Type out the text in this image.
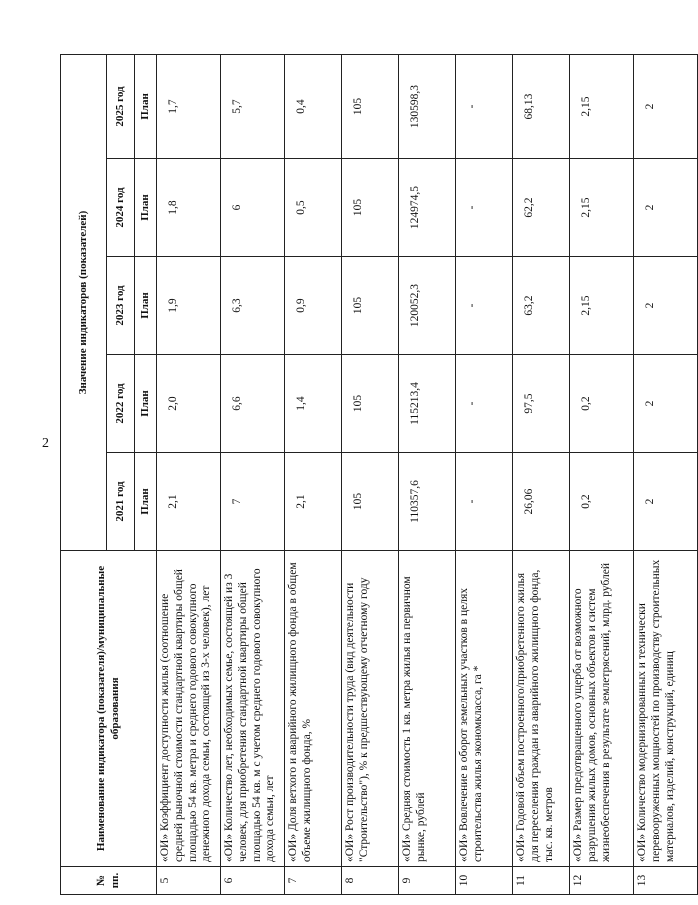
2
№ пп.	Наименование индикатора (показателя)/муниципальные образования	Значение индикаторов (показателей)				
		2021 год	2022 год	2023 год	2024 год	2025 год
		План	План	План	План	План
5	«ОИ» Коэффициент доступности жилья (соотношение средней рыночной стоимости стандартной квартиры общей площадью 54 кв. метра и среднего годового совокупного денежного дохода семьи, состоящей из 3-х человек), лет	2,1	2,0	1,9	1,8	1,7
6	«ОИ» Количество лет, необходимых семье, состоящей из 3 человек, для приобретения стандартной квартиры общей площадью 54 кв. м с учетом среднего годового совокупного дохода семьи, лет	7	6,6	6,3	6	5,7
7	«ОИ» Доля ветхого и аварийного жилищного фонда в общем объеме жилищного фонда, %	2,1	1,4	0,9	0,5	0,4
8	«ОИ» Рост производительности труда (вид деятельности "Строительство"), % к предшествующему отчетному году	105	105	105	105	105
9	«ОИ» Средняя стоимость 1 кв. метра жилья на первичном рынке, рублей	110357,6	115213,4	120052,3	124974,5	130598,3
10	«ОИ» Вовлечение в оборот земельных участков в целях строительства жилья экономкласса, га *	-	-	-	-	-
11	«ОИ» Годовой объем построенного/приобретенного жилья для переселения граждан из аварийного жилищного фонда, тыс. кв. метров	26,06	97,5	63,2	62,2	68,13
12	«ОИ» Размер предотвращенного ущерба от возможного разрушения жилых домов, основных объектов и систем жизнеобеспечения в результате землетрясений, млрд. рублей	0,2	0,2	2,15	2,15	2,15
13	«ОИ» Количество модернизированных и технически перевооруженных мощностей по производству строительных материалов, изделий, конструкций, единиц	2	2	2	2	2
